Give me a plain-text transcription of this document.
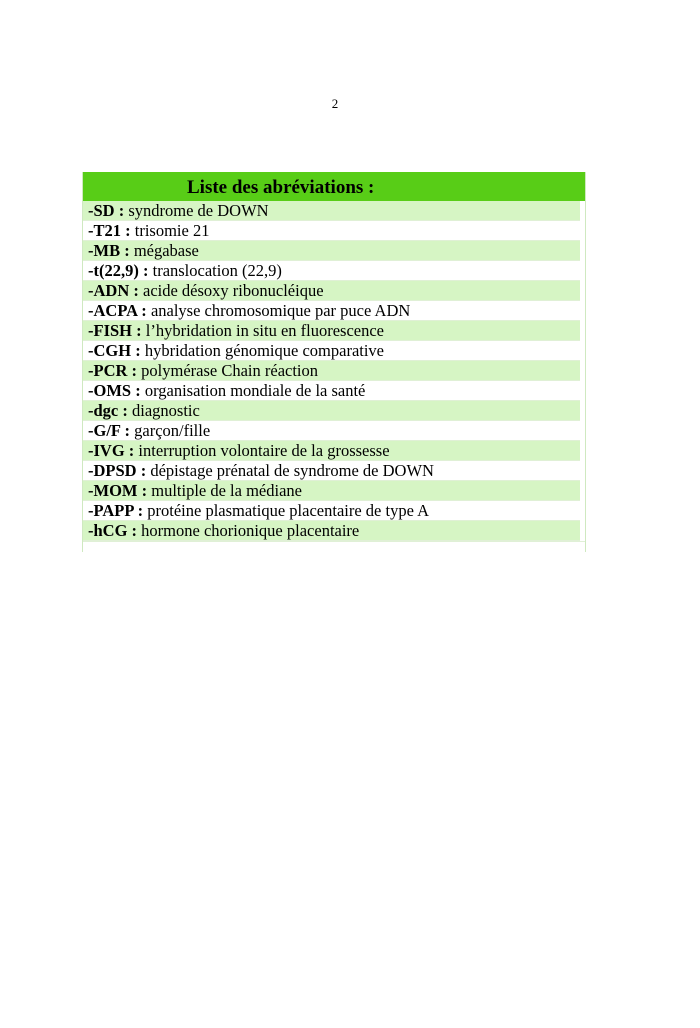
2
Liste des abréviations :
-SD : syndrome de DOWN
-T21 : trisomie 21
-MB : mégabase
-t(22,9) : translocation (22,9)
-ADN : acide désoxy ribonucléique
-ACPA : analyse chromosomique par puce ADN
-FISH : l’hybridation in situ en fluorescence
-CGH : hybridation génomique comparative
-PCR : polymérase Chain réaction
-OMS : organisation mondiale de la santé
-dgc : diagnostic
-G/F : garçon/fille
-IVG : interruption volontaire de la grossesse
-DPSD : dépistage prénatal de syndrome de DOWN
-MOM : multiple de la médiane
-PAPP : protéine plasmatique placentaire de type A
-hCG : hormone chorionique placentaire
